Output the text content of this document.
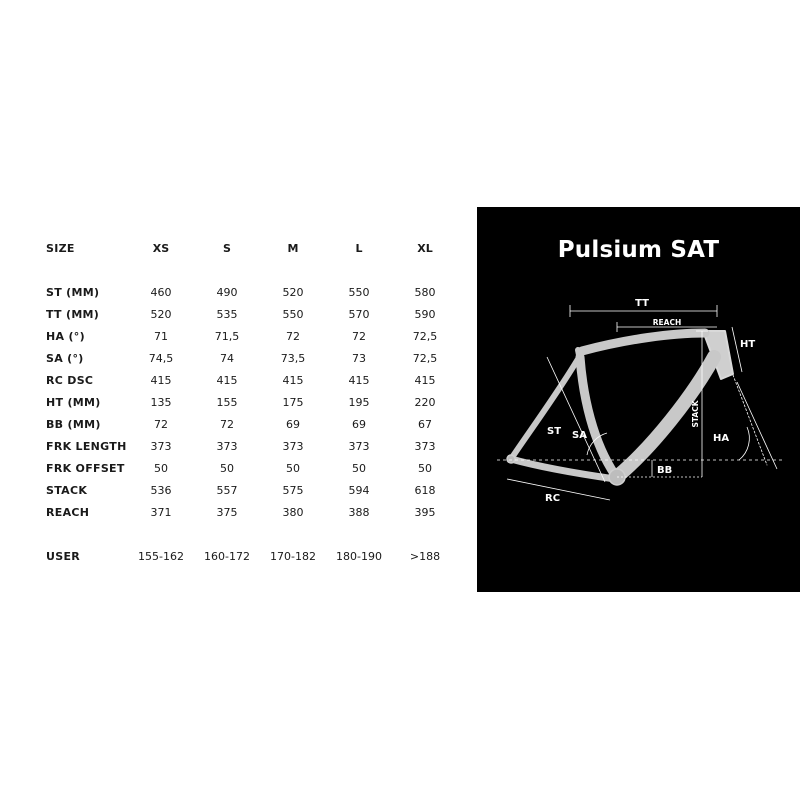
SIZE	XS	S	M	L	XL
ST (MM)	460	490	520	550	580
TT (MM)	520	535	550	570	590
HA (°)	71	71,5	72	72	72,5
SA (°)	74,5	74	73,5	73	72,5
RC DSC	415	415	415	415	415
HT (MM)	135	155	175	195	220
BB (MM)	72	72	69	69	67
FRK LENGTH	373	373	373	373	373
FRK OFFSET	50	50	50	50	50
STACK	536	557	575	594	618
REACH	371	375	380	388	395
USER	155-162	160-172	170-182	180-190	>188
Pulsium SAT
TT
REACH
HT
ST SA
STACK
HA
BB
RC
